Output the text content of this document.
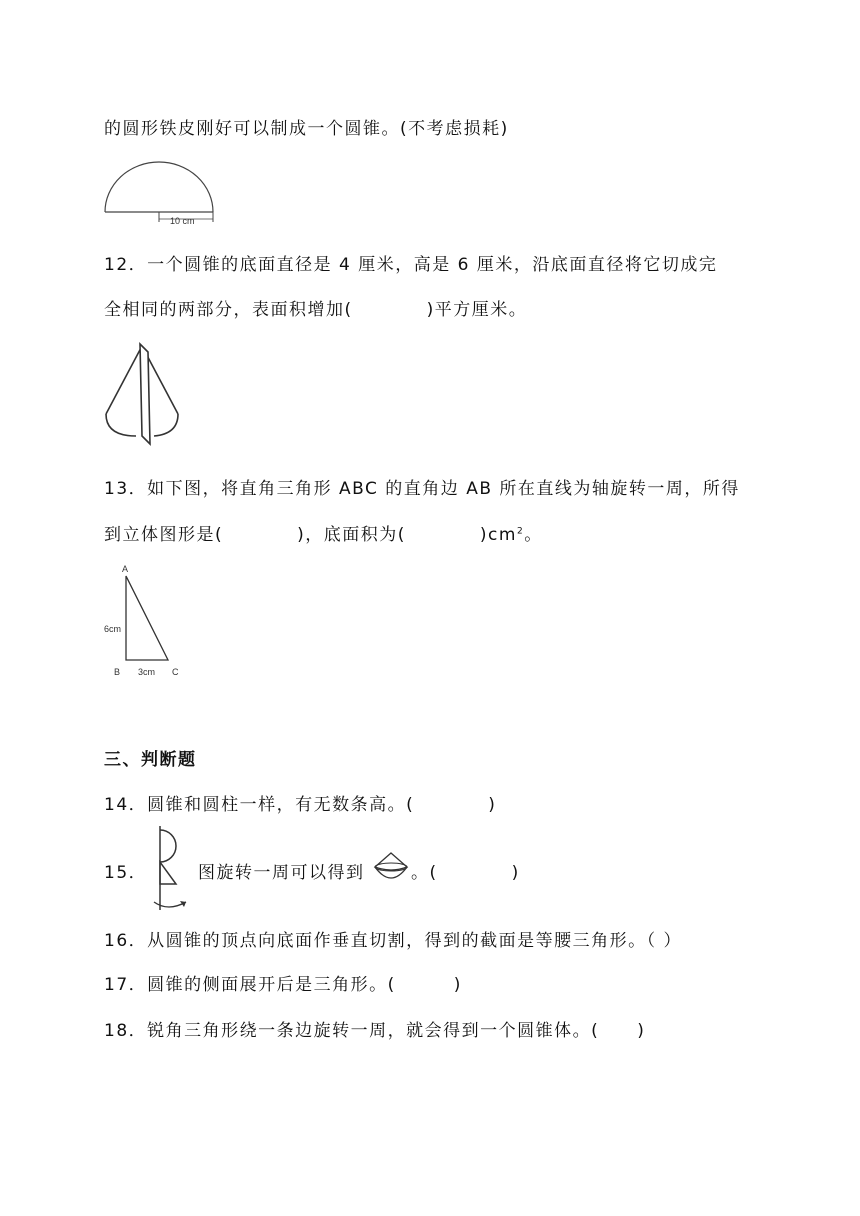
的圆形铁皮刚好可以制成一个圆锥。(不考虑损耗)
10 cm
12．一个圆锥的底面直径是 4 厘米，高是 6 厘米，沿底面直径将它切成完
全相同的两部分，表面积增加(	)平方厘米。
13．如下图，将直角三角形 ABC 的直角边 AB 所在直线为轴旋转一周，所得
到立体图形是(	)，底面积为(	)$cm^2$。
A
B	C
6cm
3cm
三、判断题
14．圆锥和圆柱一样，有无数条高。(	)
15．	图旋转一周可以得到	。(	)
16．从圆锥的顶点向底面作垂直切割，得到的截面是等腰三角形。（ ）
17．圆锥的侧面展开后是三角形。(	)
18．锐角三角形绕一条边旋转一周，就会得到一个圆锥体。( )
